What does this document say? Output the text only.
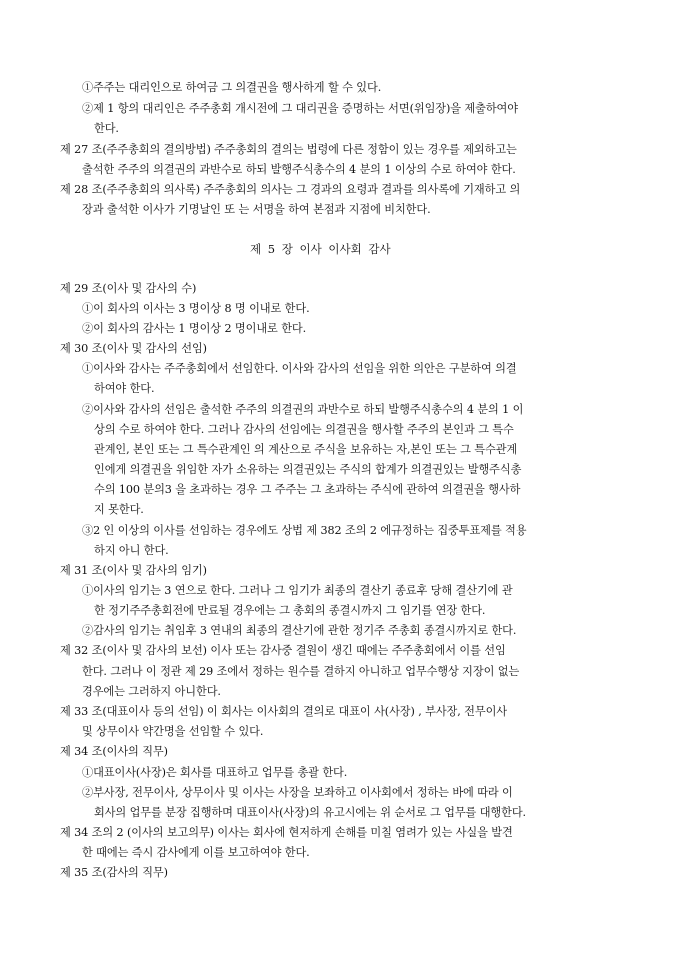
①주주는 대리인으로 하여금 그 의결권을 행사하게 할 수 있다.
②제 1 항의 대리인은 주주총회 개시전에 그 대리권을 증명하는 서면(위임장)을 제출하여야
한다.
제 27 조(주주총회의 결의방법) 주주총회의 결의는 법령에 다른 정함이 있는 경우를 제외하고는
출석한 주주의 의결권의 과반수로 하되 발행주식총수의 4 분의 1 이상의 수로 하여야 한다.
제 28 조(주주총회의 의사록) 주주총회의 의사는 그 경과의 요령과 결과를 의사록에 기재하고 의
장과 출석한 이사가 기명날인 또 는 서명을 하여 본점과 지점에 비치한다.
제 5 장 이사 이사회 감사
제 29 조(이사 및 감사의 수)
①이 회사의 이사는 3 명이상 8 명 이내로 한다.
②이 회사의 감사는 1 명이상 2 명이내로 한다.
제 30 조(이사 및 감사의 선임)
①이사와 감사는 주주총회에서 선임한다. 이사와 감사의 선임을 위한 의안은 구분하여 의결
하여야 한다.
②이사와 감사의 선임은 출석한 주주의 의결권의 과반수로 하되 발행주식총수의 4 분의 1 이
상의 수로 하여야 한다. 그러나 감사의 선임에는 의결권을 행사할 주주의 본인과 그 특수
관계인, 본인 또는 그 특수관계인 의 계산으로 주식을 보유하는 자,본인 또는 그 특수관계
인에게 의결권을 위임한 자가 소유하는 의결권있는 주식의 합계가 의결권있는 발행주식총
수의 100 분의3 을 초과하는 경우 그 주주는 그 초과하는 주식에 관하여 의결권을 행사하
지 못한다.
③2 인 이상의 이사를 선임하는 경우에도 상법 제 382 조의 2 에규정하는 집중투표제를 적용
하지 아니 한다.
제 31 조(이사 및 감사의 임기)
①이사의 임기는 3 연으로 한다. 그러나 그 임기가 최종의 결산기 종료후 당해 결산기에 관
한 정기주주총회전에 만료될 경우에는 그 총회의 종결시까지 그 임기를 연장 한다.
②감사의 임기는 취임후 3 연내의 최종의 결산기에 관한 정기주 주총회 종결시까지로 한다.
제 32 조(이사 및 감사의 보선) 이사 또는 감사중 결원이 생긴 때에는 주주총회에서 이를 선임
한다. 그러나 이 정관 제 29 조에서 정하는 원수를 결하지 아니하고 업무수행상 지장이 없는
경우에는 그러하지 아니한다.
제 33 조(대표이사 등의 선임) 이 회사는 이사회의 결의로 대표이 사(사장) , 부사장, 전무이사
및 상무이사 약간명을 선임할 수 있다.
제 34 조(이사의 직무)
①대표이사(사장)은 회사를 대표하고 업무를 총괄 한다.
②부사장, 전무이사, 상무이사 및 이사는 사장을 보좌하고 이사회에서 정하는 바에 따라 이
회사의 업무를 분장 집행하며 대표이사(사장)의 유고시에는 위 순서로 그 업무를 대행한다.
제 34 조의 2 (이사의 보고의무) 이사는 회사에 현저하게 손해를 미칠 염려가 있는 사실을 발견
한 때에는 즉시 감사에게 이를 보고하여야 한다.
제 35 조(감사의 직무)
